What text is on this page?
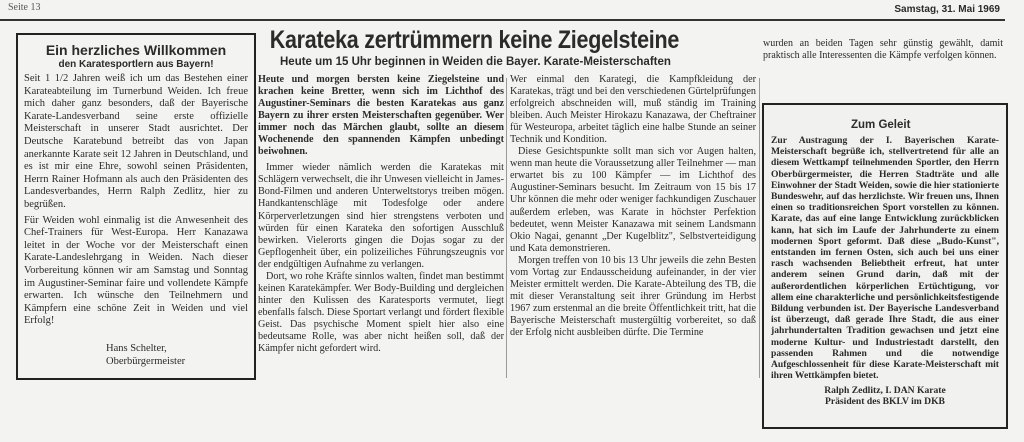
Seite 13	Samstag, 31. Mai 1969
Ein herzliches Willkommen
den Karatesportlern aus Bayern!

Seit 1 1/2 Jahren weiß ich um das Bestehen einer Karateabteilung im Turnerbund Weiden. Ich freue mich daher ganz besonders, daß der Bayerische Karate-Landesverband seine erste offizielle Meisterschaft in unserer Stadt ausrichtet. Der Deutsche Karatebund betreibt das von Japan anerkannte Karate seit 12 Jahren in Deutschland, und es ist mir eine Ehre, sowohl seinen Präsidenten, Herrn Rainer Hofmann als auch den Präsidenten des Landesverbandes, Herrn Ralph Zedlitz, hier zu begrüßen.

Für Weiden wohl einmalig ist die Anwesenheit des Chef-Trainers für West-Europa. Herr Kanazawa leitet in der Woche vor der Meisterschaft einen Karate-Landeslehrgang in Weiden. Nach dieser Vorbereitung können wir am Samstag und Sonntag im Augustiner-Seminar faire und vollendete Kämpfe erwarten. Ich wünsche den Teilnehmern und Kämpfern eine schöne Zeit in Weiden und viel Erfolg!

Hans Schelter,
Oberbürgermeister
Karateka zertrümmern keine Ziegelsteine
Heute um 15 Uhr beginnen in Weiden die Bayer. Karate-Meisterschaften

Heute und morgen bersten keine Ziegelsteine und krachen keine Bretter, wenn sich im Lichthof des Augustiner-Seminars die besten Karatekas aus ganz Bayern zu ihrer ersten Meisterschaften gegenüber. Wer immer noch das Märchen glaubt, sollte an diesem Wochenende den spannenden Kämpfen unbedingt beiwohnen.

Immer wieder nämlich werden die Karatekas mit Schlägern verwechselt, die ihr Unwesen vielleicht in James-Bond-Filmen und anderen Unterweltstorys treiben mögen. Handkantenschläge mit Todesfolge oder andere Körperverletzungen sind hier strengstens verboten und würden für einen Karateka den sofortigen Ausschluß bewirken. Vielerorts gingen die Dojas sogar zu der Gepflogenheit über, ein polizeiliches Führungszeugnis vor der endgültigen Aufnahme zu verlangen.

Dort, wo rohe Kräfte sinnlos walten, findet man bestimmt keinen Karatekämpfer. Wer Body-Building und dergleichen hinter den Kulissen des Karatesports vermutet, liegt ebenfalls falsch. Diese Sportart verlangt und fördert flexible Geist. Das psychische Moment spielt hier also eine bedeutsame Rolle, was aber nicht heißen soll, daß der Kämpfer nicht gefordert wird.

Wer einmal den Karategi, die Kampfkleidung der Karatekas, trägt und bei den verschiedenen Gürtelprüfungen erfolgreich abschneiden will, muß ständig im Training bleiben. Auch Meister Hirokazu Kanazawa, der Cheftrainer für Westeuropa, arbeitet täglich eine halbe Stunde an seiner Technik und Kondition.

Diese Gesichtspunkte sollt man sich vor Augen halten, wenn man heute die Voraussetzung aller Teilnehmer — man erwartet bis zu 100 Kämpfer — im Lichthof des Augustiner-Seminars besucht. Im Zeitraum von 15 bis 17 Uhr können die mehr oder weniger fachkundigen Zuschauer außerdem erleben, was Karate in höchster Perfektion bedeutet, wenn Meister Kanazawa mit seinem Landsmann Okio Nagai, genannt „Der Kugelblitz", Selbstverteidigung und Kata demonstrieren.

Morgen treffen von 10 bis 13 Uhr jeweils die zehn Besten vom Vortag zur Endausscheidung aufeinander, in der vier Meister ermittelt werden. Die Karate-Abteilung des TB, die mit dieser Veranstaltung seit ihrer Gründung im Herbst 1967 zum erstenmal an die breite Öffentlichkeit tritt, hat die Bayerische Meisterschaft mustergültig vorbereitet, so daß der Erfolg nicht ausbleiben dürfte. Die Termine

wurden an beiden Tagen sehr günstig gewählt, damit praktisch alle Interessenten die Kämpfe verfolgen können.

Zum Geleit

Zur Austragung der I. Bayerischen Karate-Meisterschaft begrüße ich, stellvertretend für alle an diesem Wettkampf teilnehmenden Sportler, den Herrn Oberbürgermeister, die Herren Stadträte und alle Einwohner der Stadt Weiden, sowie die hier stationierte Bundeswehr, auf das herzlichste. Wir freuen uns, Ihnen einen so traditionsreichen Sport vorstellen zu können. Karate, das auf eine lange Entwicklung zurückblicken kann, hat sich im Laufe der Jahrhunderte zu einem modernen Sport geformt. Daß diese „Budo-Kunst", entstanden im fernen Osten, sich auch bei uns einer rasch wachsenden Beliebtheit erfreut, hat unter anderem seinen Grund darin, daß mit der außerordentlichen körperlichen Ertüchtigung, vor allem eine charakterliche und persönlichkeitsfestigende Bildung verbunden ist. Der Bayerische Landesverband ist überzeugt, daß gerade Ihre Stadt, die aus einer jahrhundertalten Tradition gewachsen und jetzt eine moderne Kultur- und Industriestadt darstellt, den passenden Rahmen und die notwendige Aufgeschlossenheit für diese Karate-Meisterschaft mit ihren Wettkämpfen bietet.

Ralph Zedlitz, I. DAN Karate
Präsident des BKLV im DKB
